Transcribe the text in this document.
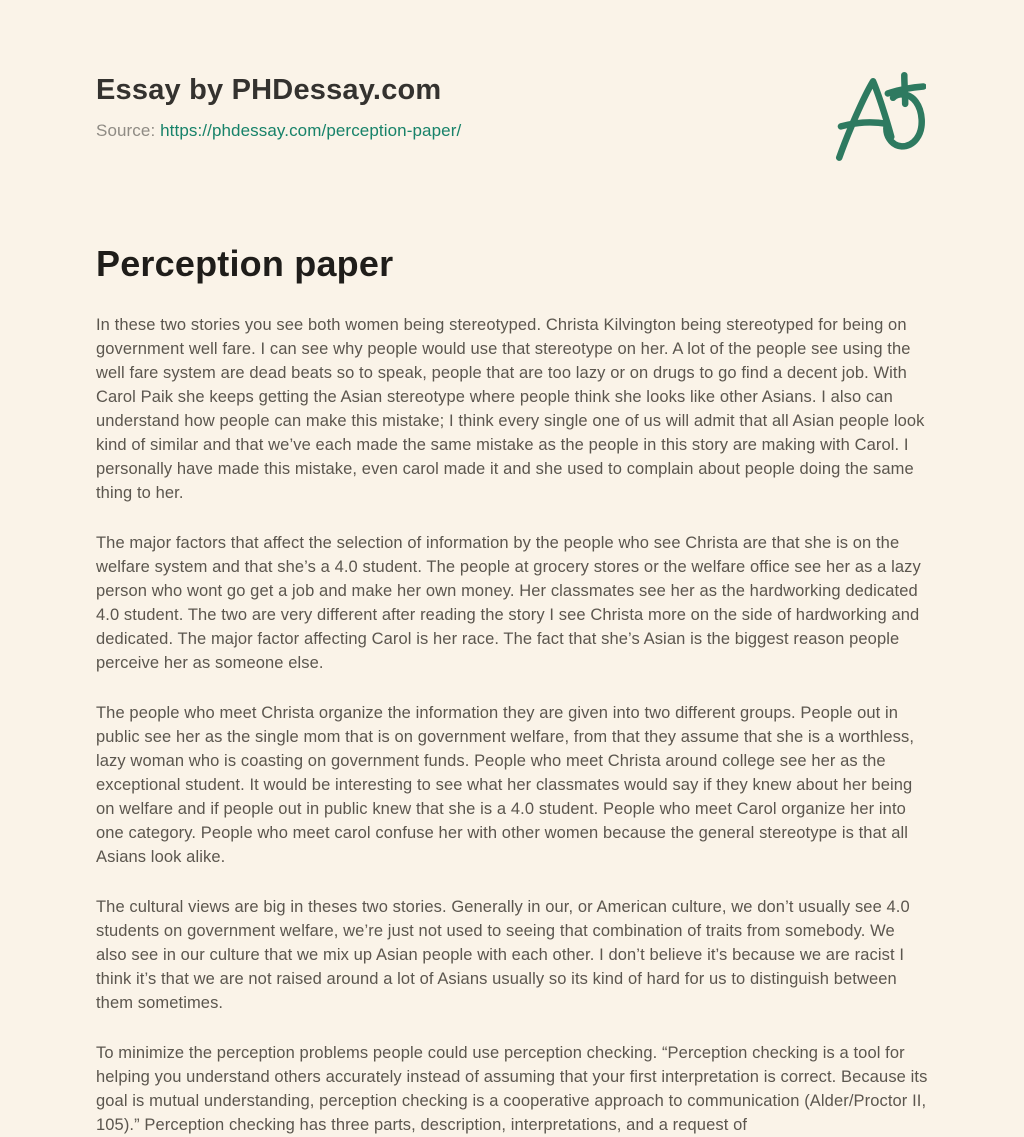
Essay by PHDessay.com
Source: https://phdessay.com/perception-paper/
Perception paper

In these two stories you see both women being stereotyped. Christa Kilvington being stereotyped for being on government well fare. I can see why people would use that stereotype on her. A lot of the people see using the well fare system are dead beats so to speak, people that are too lazy or on drugs to go find a decent job. With Carol Paik she keeps getting the Asian stereotype where people think she looks like other Asians. I also can understand how people can make this mistake; I think every single one of us will admit that all Asian people look kind of similar and that we’ve each made the same mistake as the people in this story are making with Carol. I personally have made this mistake, even carol made it and she used to complain about people doing the same thing to her.

The major factors that affect the selection of information by the people who see Christa are that she is on the welfare system and that she’s a 4.0 student. The people at grocery stores or the welfare office see her as a lazy person who wont go get a job and make her own money. Her classmates see her as the hardworking dedicated 4.0 student. The two are very different after reading the story I see Christa more on the side of hardworking and dedicated. The major factor affecting Carol is her race. The fact that she’s Asian is the biggest reason people perceive her as someone else.

The people who meet Christa organize the information they are given into two different groups. People out in public see her as the single mom that is on government welfare, from that they assume that she is a worthless, lazy woman who is coasting on government funds. People who meet Christa around college see her as the exceptional student. It would be interesting to see what her classmates would say if they knew about her being on welfare and if people out in public knew that she is a 4.0 student. People who meet Carol organize her into one category. People who meet carol confuse her with other women because the general stereotype is that all Asians look alike.

The cultural views are big in theses two stories. Generally in our, or American culture, we don’t usually see 4.0 students on government welfare, we’re just not used to seeing that combination of traits from somebody. We also see in our culture that we mix up Asian people with each other. I don’t believe it’s because we are racist I think it’s that we are not raised around a lot of Asians usually so its kind of hard for us to distinguish between them sometimes.

To minimize the perception problems people could use perception checking. “Perception checking is a tool for helping you understand others accurately instead of assuming that your first interpretation is correct. Because its goal is mutual understanding, perception checking is a cooperative approach to communication (Alder/Proctor II, 105).” Perception checking has three parts, description, interpretations, and a request of
